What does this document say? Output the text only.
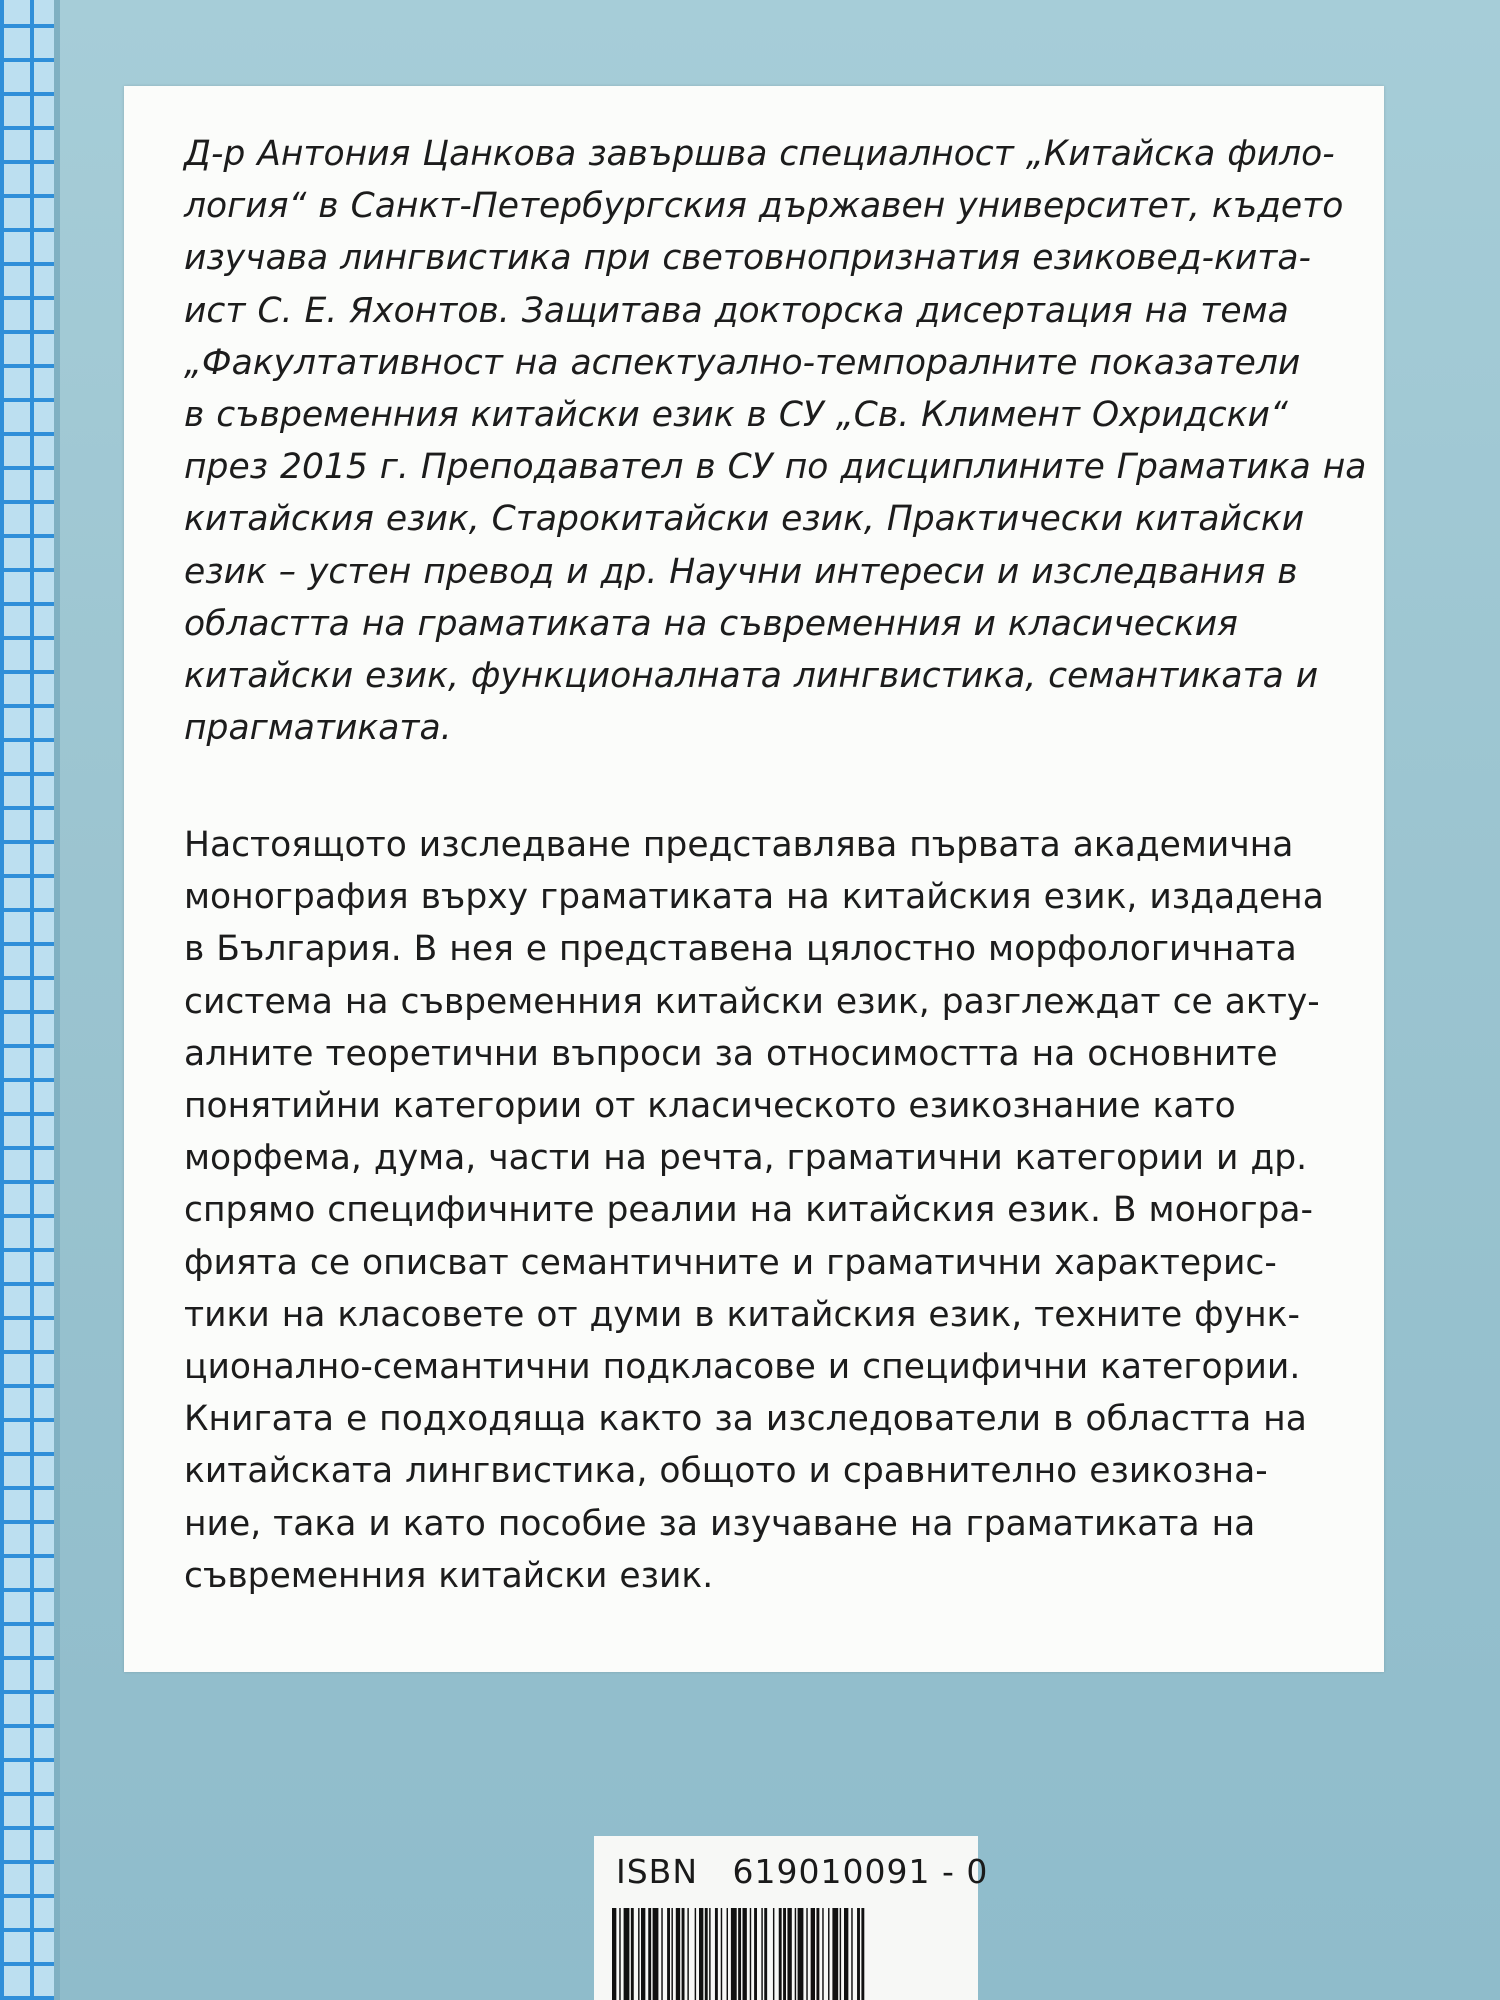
Д-р Антония Цанкова завършва специалност „Китайска фило-
логия“ в Санкт-Петербургския държавен университет, където
изучава лингвистика при световнопризнатия езиковед-кита-
ист С. Е. Яхонтов. Защитава докторска дисертация на тема
„Факултативност на аспектуално-темпоралните показатели
в съвременния китайски език в СУ „Св. Климент Охридски“
през 2015 г. Преподавател в СУ по дисциплините Граматика на
китайския език, Старокитайски език, Практически китайски
език – устен превод и др. Научни интереси и изследвания в
областта на граматиката на съвременния и класическия
китайски език, функционалната лингвистика, семантиката и
прагматиката.

Настоящото изследване представлява първата академична
монография върху граматиката на китайския език, издадена
в България. В нея е представена цялостно морфологичната
система на съвременния китайски език, разглеждат се акту-
алните теоретични въпроси за относимостта на основните
понятийни категории от класическото езикознание като
морфема, дума, части на речта, граматични категории и др.
спрямо специфичните реалии на китайския език. В моногра-
фията се описват семантичните и граматични характерис-
тики на класовете от думи в китайския език, техните функ-
ционално-семантични подкласове и специфични категории.
Книгата е подходяща както за изследователи в областта на
китайската лингвистика, общото и сравнително езикозна-
ние, така и като пособие за изучаване на граматиката на
съвременния китайски език.

ISBN 619010091 - 0
